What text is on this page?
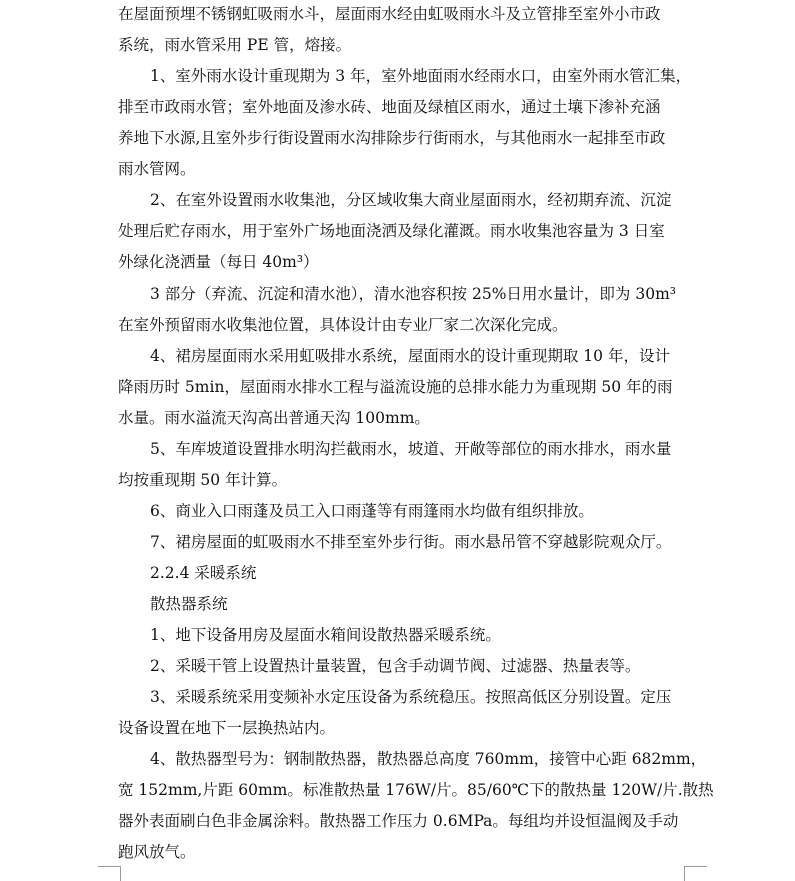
在屋面预埋不锈钢虹吸雨水斗，屋面雨水经由虹吸雨水斗及立管排至室外小市政
系统，雨水管采用 PE 管，熔接。
1、室外雨水设计重现期为 3 年，室外地面雨水经雨水口，由室外雨水管汇集，
排至市政雨水管；室外地面及渗水砖、地面及绿植区雨水，通过土壤下渗补充涵
养地下水源,且室外步行街设置雨水沟排除步行街雨水，与其他雨水一起排至市政
雨水管网。
2、在室外设置雨水收集池，分区域收集大商业屋面雨水，经初期弃流、沉淀
处理后贮存雨水，用于室外广场地面浇洒及绿化灌溉。雨水收集池容量为 3 日室
外绿化浇洒量（每日 40m³）
3 部分（弃流、沉淀和清水池），清水池容积按 25%日用水量计，即为 30m³
在室外预留雨水收集池位置，具体设计由专业厂家二次深化完成。
4、裙房屋面雨水采用虹吸排水系统，屋面雨水的设计重现期取 10 年，设计
降雨历时 5min，屋面雨水排水工程与溢流设施的总排水能力为重现期 50 年的雨
水量。雨水溢流天沟高出普通天沟 100mm。
5、车库坡道设置排水明沟拦截雨水，坡道、开敞等部位的雨水排水，雨水量
均按重现期 50 年计算。
6、商业入口雨蓬及员工入口雨蓬等有雨篷雨水均做有组织排放。
7、裙房屋面的虹吸雨水不排至室外步行街。雨水悬吊管不穿越影院观众厅。
2.2.4 采暖系统
散热器系统
1、地下设备用房及屋面水箱间设散热器采暖系统。
2、采暖干管上设置热计量装置，包含手动调节阀、过滤器、热量表等。
3、采暖系统采用变频补水定压设备为系统稳压。按照高低区分别设置。定压
设备设置在地下一层换热站内。
4、散热器型号为：钢制散热器，散热器总高度 760mm，接管中心距 682mm，
宽 152mm,片距 60mm。标准散热量 176W/片。85/60℃下的散热量 120W/片.散热
器外表面刷白色非金属涂料。散热器工作压力 0.6MPa。每组均并设恒温阀及手动
跑风放气。
